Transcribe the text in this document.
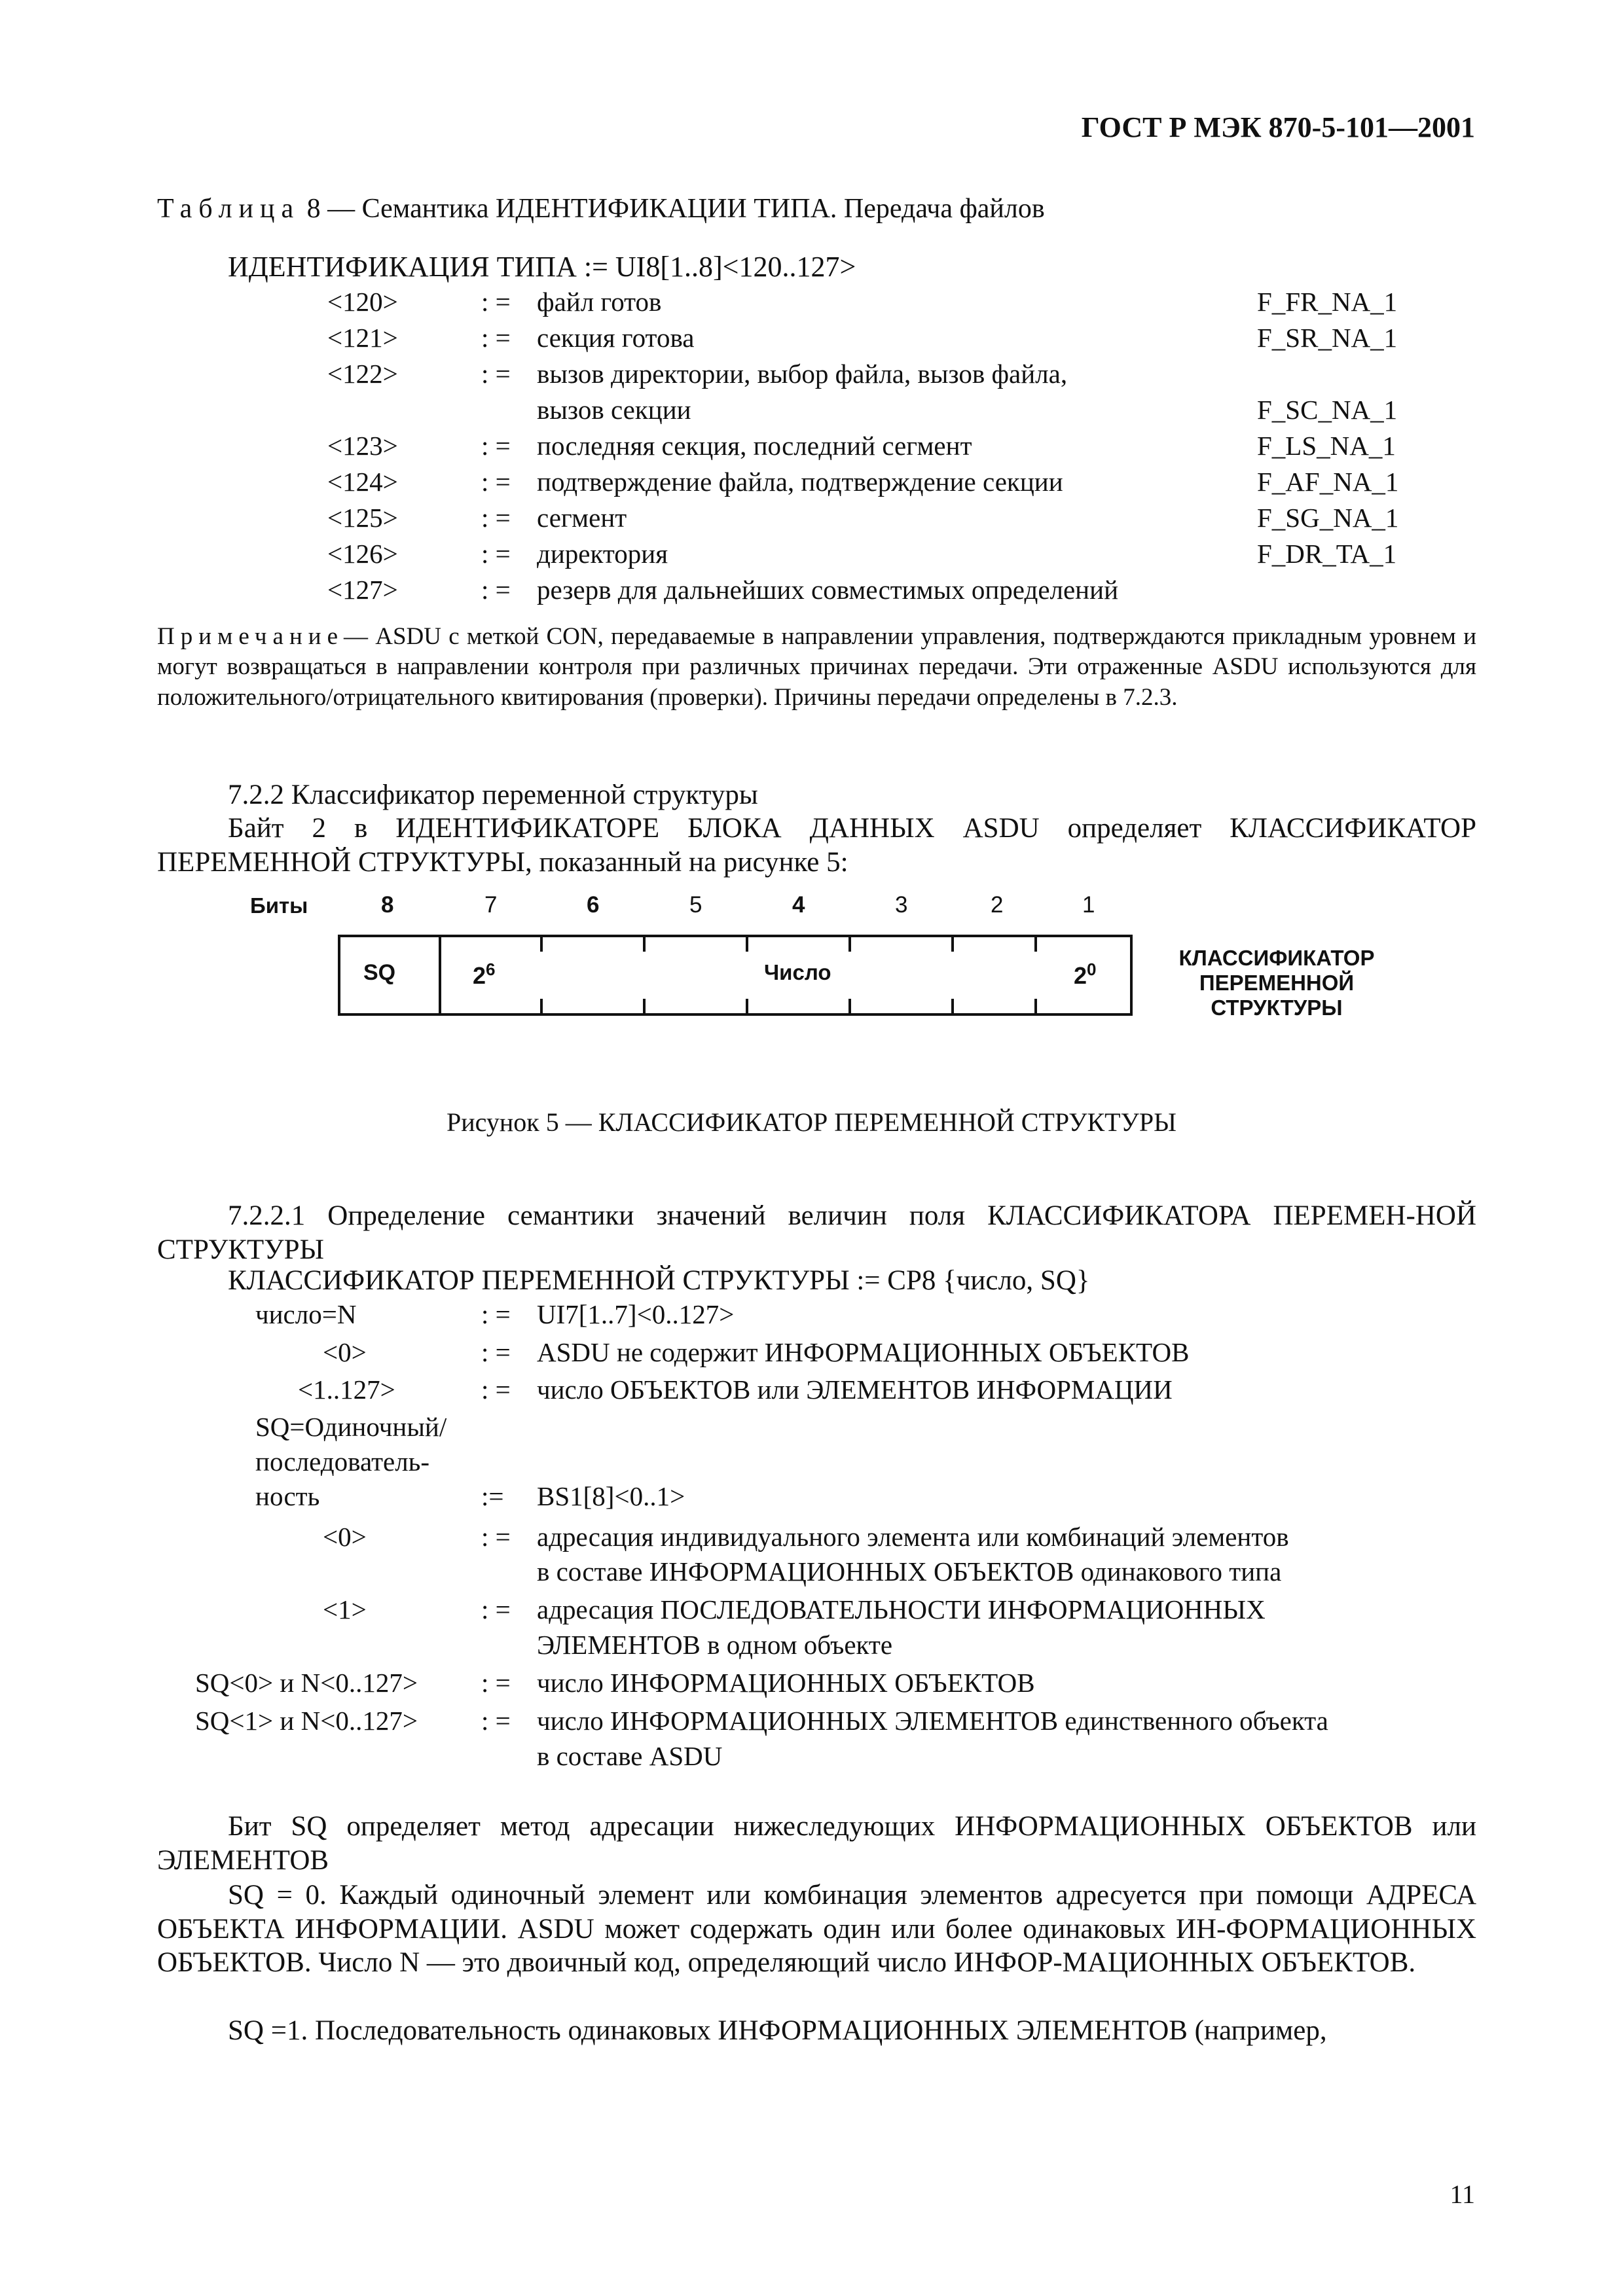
ГОСТ Р МЭК 870-5-101—2001
Таблица 8 — Семантика ИДЕНТИФИКАЦИИ ТИПА. Передача файлов
ИДЕНТИФИКАЦИЯ ТИПА := UI8[1..8]<120..127>
<120>	: = файл готов	F_FR_NA_1
<121>	: = секция готова	F_SR_NA_1
<122>	: = вызов директории, выбор файла, вызов файла,
вызов секции	F_SC_NA_1
<123>	: = последняя секция, последний сегмент	F_LS_NA_1
<124>	: = подтверждение файла, подтверждение секции	F_AF_NA_1
<125>	: = сегмент	F_SG_NA_1
<126>	: = директория	F_DR_TA_1
<127>	: = резерв для дальнейших совместимых определений
Примечание— ASDU с меткой CON, передаваемые в направлении управления, подтверждаются прикладным уровнем и могут возвращаться в направлении контроля при различных причинах передачи. Эти отраженные ASDU используются для положительного/отрицательного квитирования (проверки). Причины передачи определены в 7.2.3.
7.2.2 Классификатор переменной структуры
Байт 2 в ИДЕНТИФИКАТОРЕ БЛОКА ДАННЫХ ASDU определяет КЛАССИФИКАТОР ПЕРЕМЕННОЙ СТРУКТУРЫ, показанный на рисунке 5:
Биты	8	7	6	5	4	3	2	1
SQ	$2^6$	Число	$2^0$	КЛАССИФИКАТОР ПЕРЕМЕННОЙ СТРУКТУРЫ
Рисунок 5 — КЛАССИФИКАТОР ПЕРЕМЕННОЙ СТРУКТУРЫ
7.2.2.1 Определение семантики значений величин поля КЛАССИФИКАТОРА ПЕРЕМЕН-НОЙ СТРУКТУРЫ
КЛАССИФИКАТОР ПЕРЕМЕННОЙ СТРУКТУРЫ := CP8 {число, SQ}
число=N	: = UI7[1..7]<0..127>
<0>	: = ASDU не содержит ИНФОРМАЦИОННЫХ ОБЪЕКТОВ
<1..127>	: = число ОБЪЕКТОВ или ЭЛЕМЕНТОВ ИНФОРМАЦИИ
SQ=Одиночный/
последователь-
ность	:= BS1[8]<0..1>
<0>	: = адресация индивидуального элемента или комбинаций элементов
в составе ИНФОРМАЦИОННЫХ ОБЪЕКТОВ одинакового типа
<1>	: = адресация ПОСЛЕДОВАТЕЛЬНОСТИ ИНФОРМАЦИОННЫХ
ЭЛЕМЕНТОВ в одном объекте
SQ<0> и N<0..127> : = число ИНФОРМАЦИОННЫХ ОБЪЕКТОВ
SQ<1> и N<0..127> : = число ИНФОРМАЦИОННЫХ ЭЛЕМЕНТОВ единственного объекта
в составе ASDU
Бит SQ определяет метод адресации нижеследующих ИНФОРМАЦИОННЫХ ОБЪЕКТОВ или ЭЛЕМЕНТОВ
SQ = 0. Каждый одиночный элемент или комбинация элементов адресуется при помощи АДРЕСА ОБЪЕКТА ИНФОРМАЦИИ. ASDU может содержать один или более одинаковых ИН-ФОРМАЦИОННЫХ ОБЪЕКТОВ. Число N — это двоичный код, определяющий число ИНФОР-МАЦИОННЫХ ОБЪЕКТОВ.
SQ =1. Последовательность одинаковых ИНФОРМАЦИОННЫХ ЭЛЕМЕНТОВ (например,
11
